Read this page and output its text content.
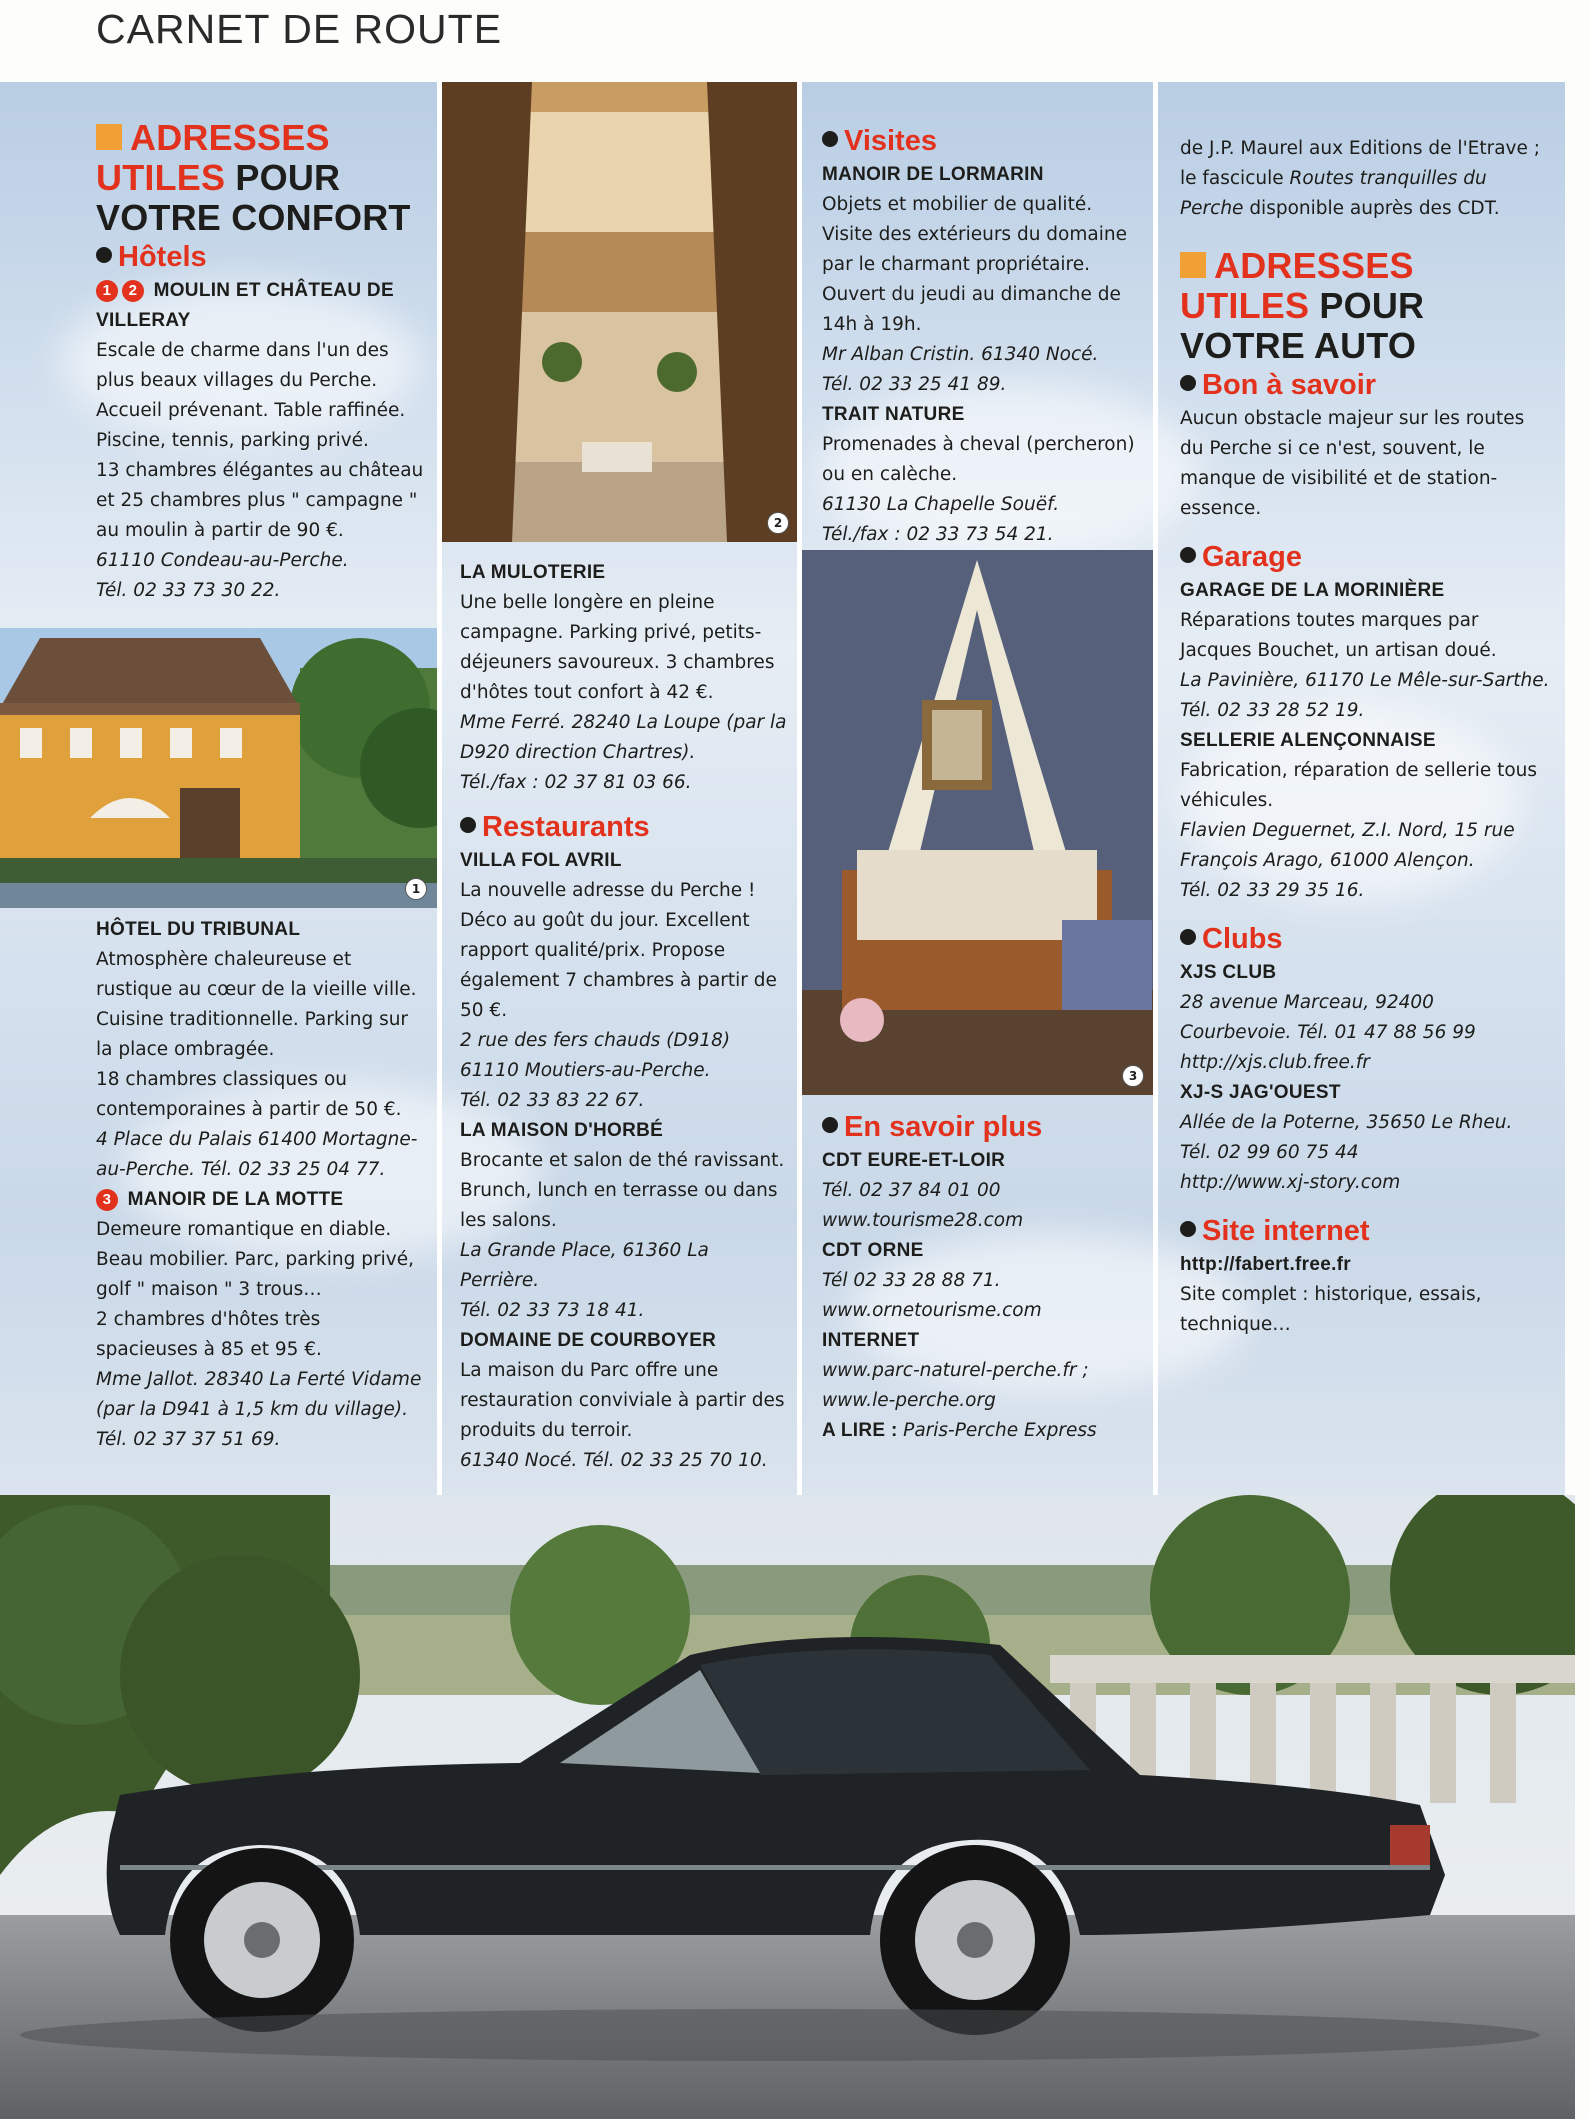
CARNET DE ROUTE
ADRESSES
UTILES POUR
VOTRE CONFORT
Hôtels
1 2 MOULIN ET CHÂTEAU DE VILLERAY

Escale de charme dans l'un des plus beaux villages du Perche. Accueil prévenant. Table raffinée. Piscine, tennis, parking privé.

13 chambres élégantes au château et 25 chambres plus " campagne " au moulin à partir de 90 €.

61110 Condeau-au-Perche.

Tél. 02 33 73 30 22.

1
HÔTEL DU TRIBUNAL

Atmosphère chaleureuse et rustique au cœur de la vieille ville. Cuisine traditionnelle. Parking sur la place ombragée.

18 chambres classiques ou contemporaines à partir de 50 €.

4 Place du Palais 61400 Mortagne-au-Perche. Tél. 02 33 25 04 77.

3 MANOIR DE LA MOTTE

Demeure romantique en diable. Beau mobilier. Parc, parking privé, golf " maison " 3 trous…

2 chambres d'hôtes très spacieuses à 85 et 95 €.

Mme Jallot. 28340 La Ferté Vidame (par la D941 à 1,5 km du village).

Tél. 02 37 37 51 69.

2
LA MULOTERIE

Une belle longère en pleine campagne. Parking privé, petits-déjeuners savoureux. 3 chambres d'hôtes tout confort à 42 €.

Mme Ferré. 28240 La Loupe (par la D920 direction Chartres).

Tél./fax : 02 37 81 03 66.

Restaurants
VILLA FOL AVRIL

La nouvelle adresse du Perche ! Déco au goût du jour. Excellent rapport qualité/prix. Propose également 7 chambres à partir de 50 €.

2 rue des fers chauds (D918) 61110 Moutiers-au-Perche.

Tél. 02 33 83 22 67.

LA MAISON D'HORBÉ

Brocante et salon de thé ravissant. Brunch, lunch en terrasse ou dans les salons.

La Grande Place, 61360 La Perrière.

Tél. 02 33 73 18 41.

DOMAINE DE COURBOYER

La maison du Parc offre une restauration conviviale à partir des produits du terroir.

61340 Nocé. Tél. 02 33 25 70 10.

Visites
MANOIR DE LORMARIN

Objets et mobilier de qualité. Visite des extérieurs du domaine par le charmant propriétaire. Ouvert du jeudi au dimanche de 14h à 19h.

Mr Alban Cristin. 61340 Nocé.

Tél. 02 33 25 41 89.

TRAIT NATURE

Promenades à cheval (percheron) ou en calèche.

61130 La Chapelle Souëf.

Tél./fax : 02 33 73 54 21.

3
En savoir plus
CDT EURE-ET-LOIR

Tél. 02 37 84 01 00

www.tourisme28.com

CDT ORNE

Tél 02 33 28 88 71.

www.ornetourisme.com

INTERNET

www.parc-naturel-perche.fr ;

www.le-perche.org

A LIRE : Paris-Perche Express

de J.P. Maurel aux Editions de l'Etrave ;

le fascicule Routes tranquilles du Perche disponible auprès des CDT.

ADRESSES
UTILES POUR
VOTRE AUTO
Bon à savoir

Aucun obstacle majeur sur les routes du Perche si ce n'est, souvent, le manque de visibilité et de station-essence.

Garage
GARAGE DE LA MORINIÈRE

Réparations toutes marques par Jacques Bouchet, un artisan doué.

La Pavinière, 61170 Le Mêle-sur-Sarthe.

Tél. 02 33 28 52 19.

SELLERIE ALENÇONNAISE

Fabrication, réparation de sellerie tous véhicules.

Flavien Deguernet, Z.I. Nord, 15 rue François Arago, 61000 Alençon.

Tél. 02 33 29 35 16.

Clubs
XJS CLUB

28 avenue Marceau, 92400 Courbevoie. Tél. 01 47 88 56 99

http://xjs.club.free.fr

XJ-S JAG'OUEST

Allée de la Poterne, 35650 Le Rheu.

Tél. 02 99 60 75 44

http://www.xj-story.com

Site internet
http://fabert.free.fr

Site complet : historique, essais, technique…
